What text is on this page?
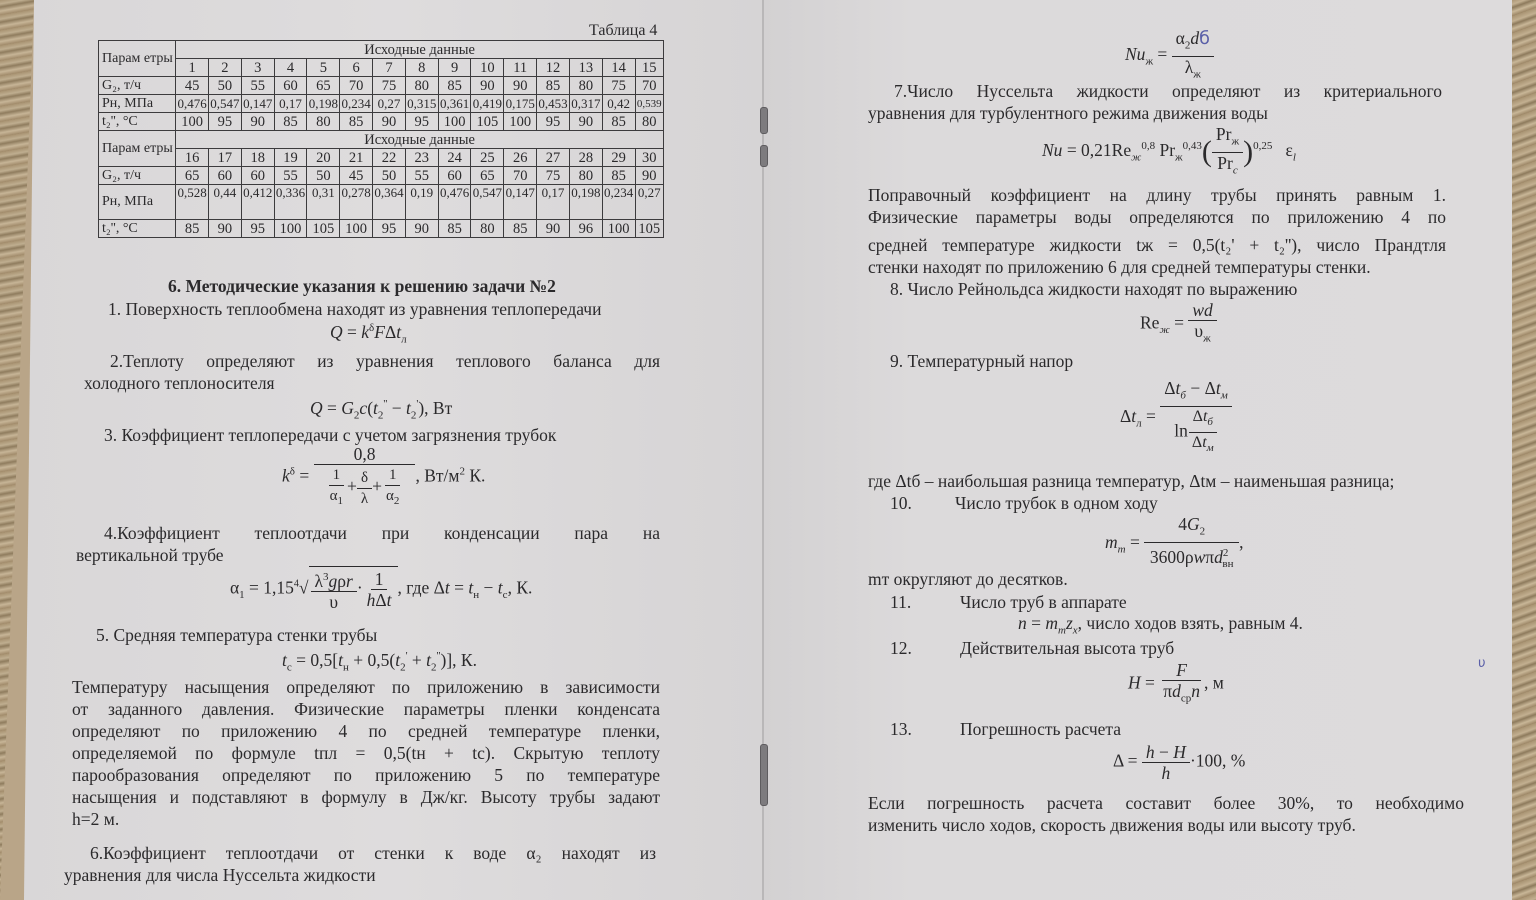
Таблица 4
Парам етры	Исходные данные														
	1	2	3	4	5	6	7	8	9	10	11	12	13	14	15
G₂, т/ч	45	50	55	60	65	70	75	80	85	90	90	85	80	75	70
Pн, МПа	0,476	0,547	0,147	0,17	0,198	0,234	0,27	0,315	0,361	0,419	0,175	0,453	0,317	0,42	0,539
t₂'', °C	100	95	90	85	80	85	90	95	100	105	100	95	90	85	80
Парам етры	Исходные данные														
	16	17	18	19	20	21	22	23	24	25	26	27	28	29	30
G₂, т/ч	65	60	60	55	50	45	50	55	60	65	70	75	80	85	90
Pн, МПа	0,528	0,44	0,412	0,336	0,31	0,278	0,364	0,19	0,476	0,547	0,147	0,17	0,198	0,234	0,27
t₂'', °C	85	90	95	100	105	100	95	90	85	80	85	90	96	100	105
6. Методические указания к решению задачи №2
1. Поверхность теплообмена находят из уравнения теплопередачи
$Q = k^\delta F\Delta t_л$
2.Теплоту определяют из уравнения теплового баланса для
холодного теплоносителя
$Q = G_2c(t_2'' - t_2')$, Вт
3. Коэффициент теплопередачи с учетом загрязнения трубок
$k^\delta = \frac{0,8}{\frac{1}{\alpha_1} + \frac{\delta}{\lambda} + \frac{1}{\alpha_2}}$ , $Вт/м^2$ К.
4.Коэффициент теплоотдачи при конденсации пара на
вертикальной трубе
$\alpha_1 = 1,15^4√ \frac{\lambda^3g\rho r}{\upsilon} \cdot \frac{1}{\text{hΔt}}$ , где $\Delta t = t_н - t_с$, К.
5. Средняя температура стенки трубы
$t_с = 0,5[t_н + 0,5(t_2' + t_2'')]$, К.
Температуру насыщения определяют по приложению в зависимости
от заданного давления. Физические параметры пленки конденсата
определяют по приложению 4 по средней температуре пленки,
определяемой по формуле tпл = 0,5(tн + tс). Скрытую теплоту
парообразования определяют по приложению 5 по температуре
насыщения и подставляют в формулу в Дж/кг. Высоту трубы задают
h=2 м.
6.Коэффициент теплоотдачи от стенки к воде α₂ находят из
уравнения для числа Нуссельта жидкости
$Nu_ж = \frac{\alpha_2dб}{\lambda_ж}$
7.Число Нуссельта жидкости определяют из критериального
уравнения для турбулентного режима движения воды
$Nu = 0,21Re_ж^{0,8}$ $Pr_ж^{0,43}( \frac{Pr_ж}{Pr_c} )^{0,25}$   $\varepsilon_l$
Поправочный коэффициент на длину трубы принять равным 1.
Физические параметры воды определяются по приложению 4 по
средней температуре жидкости tж = 0,5(t₂' + t₂''), число Прандтля
стенки находят по приложению 6 для средней температуры стенки.
8. Число Рейнольдса жидкости находят по выражению
$Re_ж = \frac{wd}{\upsilon_ж}$
9. Температурный напор
$\Delta t_л = \frac{\Delta t_б - \Delta t_м}{\ln \frac{\Delta t_б}{\Delta t_м}}$
где Δtб – наибольшая разница температур, Δtм – наименьшая разница;
10. Число трубок в одном ходу
$m_m = \frac{4G_2}{3600\rho w\pi d^2_{вн}}$ ,
mт округляют до десятков.
11.	Число труб в аппарате
$n = m_mz_x$, число ходов взять, равным 4.
12.	Действительная высота труб
$H = \frac{F}{\pi d_{ср}n}$ , м
13.	Погрешность расчета
$\Delta = \frac{h - H}{h} \cdot 100$, %
Если погрешность расчета составит более 30%, то необходимо
изменить число ходов, скорость движения воды или высоту труб.
υ
